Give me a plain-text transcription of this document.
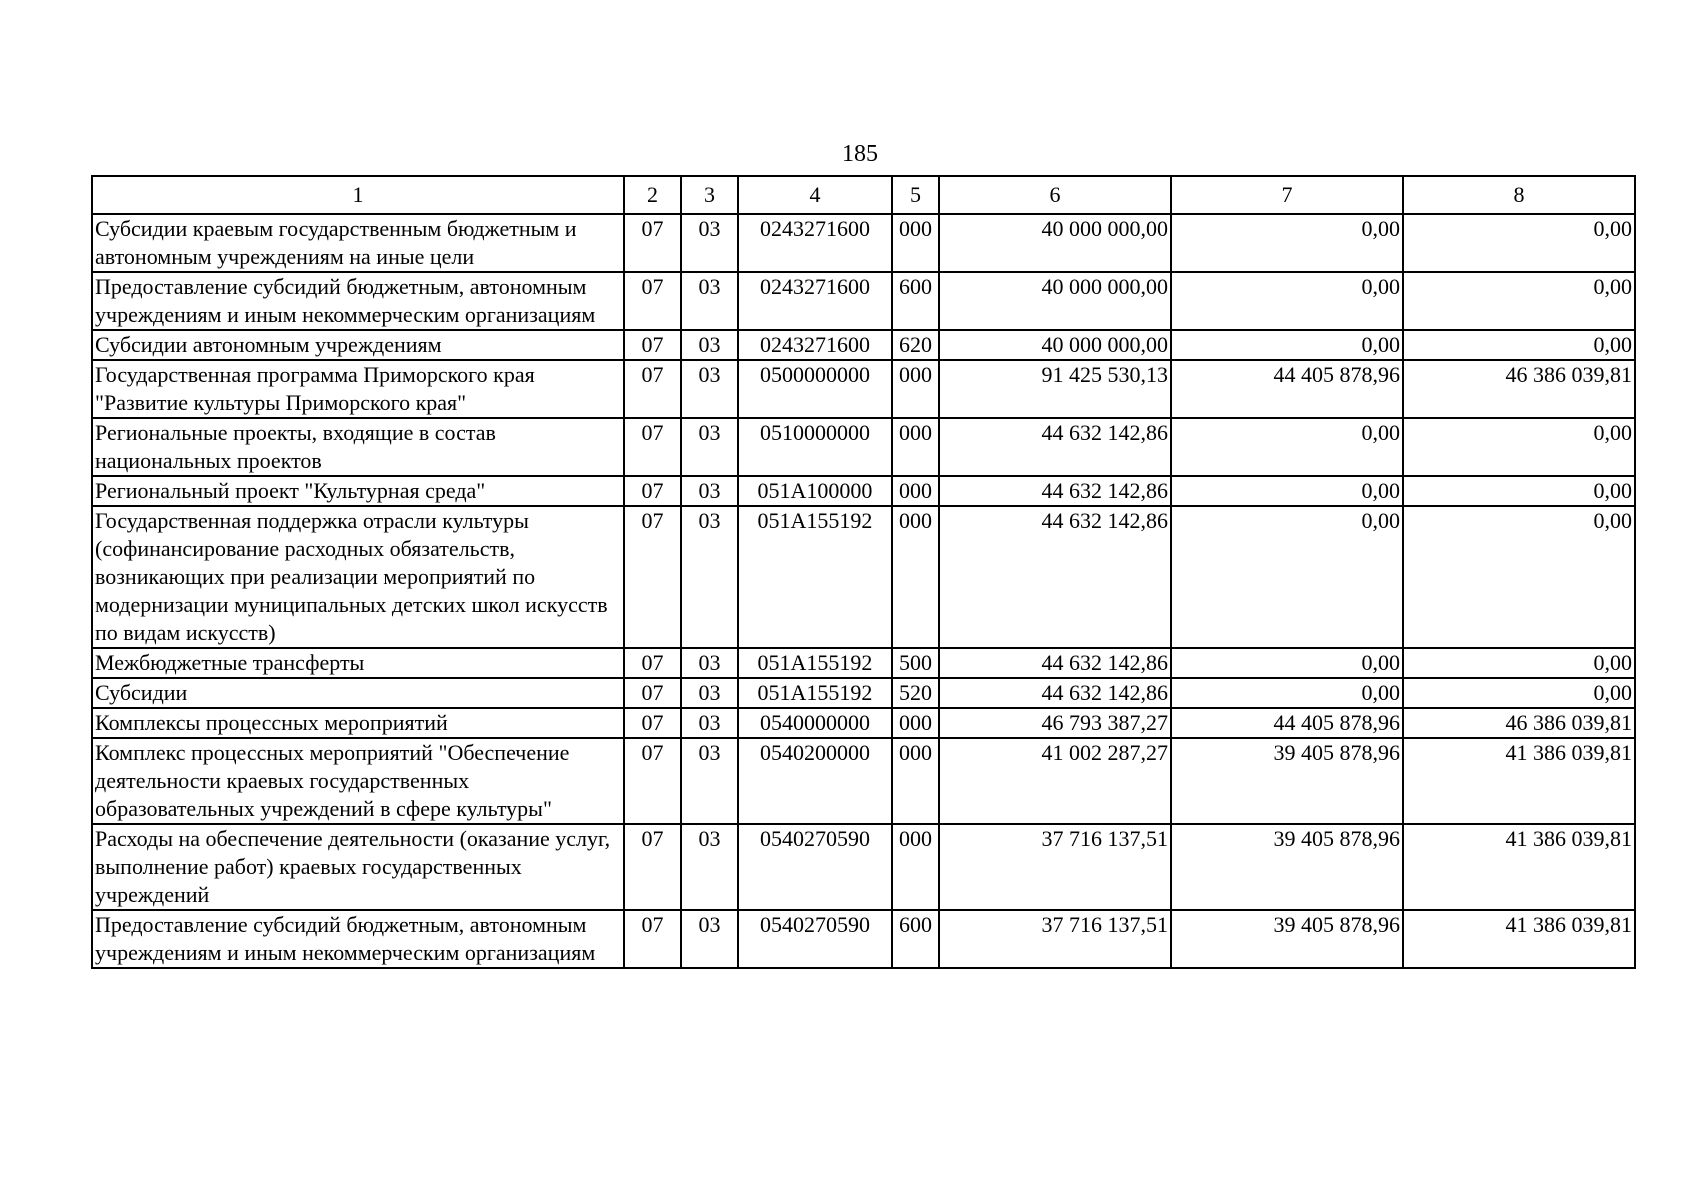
185
1	2	3	4	5	6	7	8
Субсидии краевым государственным бюджетным и автономным учреждениям на иные цели	07	03	0243271600	000	40 000 000,00	0,00	0,00
Предоставление субсидий бюджетным, автономным учреждениям и иным некоммерческим организациям	07	03	0243271600	600	40 000 000,00	0,00	0,00
Субсидии автономным учреждениям	07	03	0243271600	620	40 000 000,00	0,00	0,00
Государственная программа Приморского края "Развитие культуры Приморского края"	07	03	0500000000	000	91 425 530,13	44 405 878,96	46 386 039,81
Региональные проекты, входящие в состав национальных проектов	07	03	0510000000	000	44 632 142,86	0,00	0,00
Региональный проект "Культурная среда"	07	03	051A100000	000	44 632 142,86	0,00	0,00
Государственная поддержка отрасли культуры (софинансирование расходных обязательств, возникающих при реализации мероприятий по модернизации муниципальных детских школ искусств по видам искусств)	07	03	051A155192	000	44 632 142,86	0,00	0,00
Межбюджетные трансферты	07	03	051A155192	500	44 632 142,86	0,00	0,00
Субсидии	07	03	051A155192	520	44 632 142,86	0,00	0,00
Комплексы процессных мероприятий	07	03	0540000000	000	46 793 387,27	44 405 878,96	46 386 039,81
Комплекс процессных мероприятий "Обеспечение деятельности краевых государственных образовательных учреждений в сфере культуры"	07	03	0540200000	000	41 002 287,27	39 405 878,96	41 386 039,81
Расходы на обеспечение деятельности (оказание услуг, выполнение работ) краевых государственных учреждений	07	03	0540270590	000	37 716 137,51	39 405 878,96	41 386 039,81
Предоставление субсидий бюджетным, автономным учреждениям и иным некоммерческим организациям	07	03	0540270590	600	37 716 137,51	39 405 878,96	41 386 039,81
